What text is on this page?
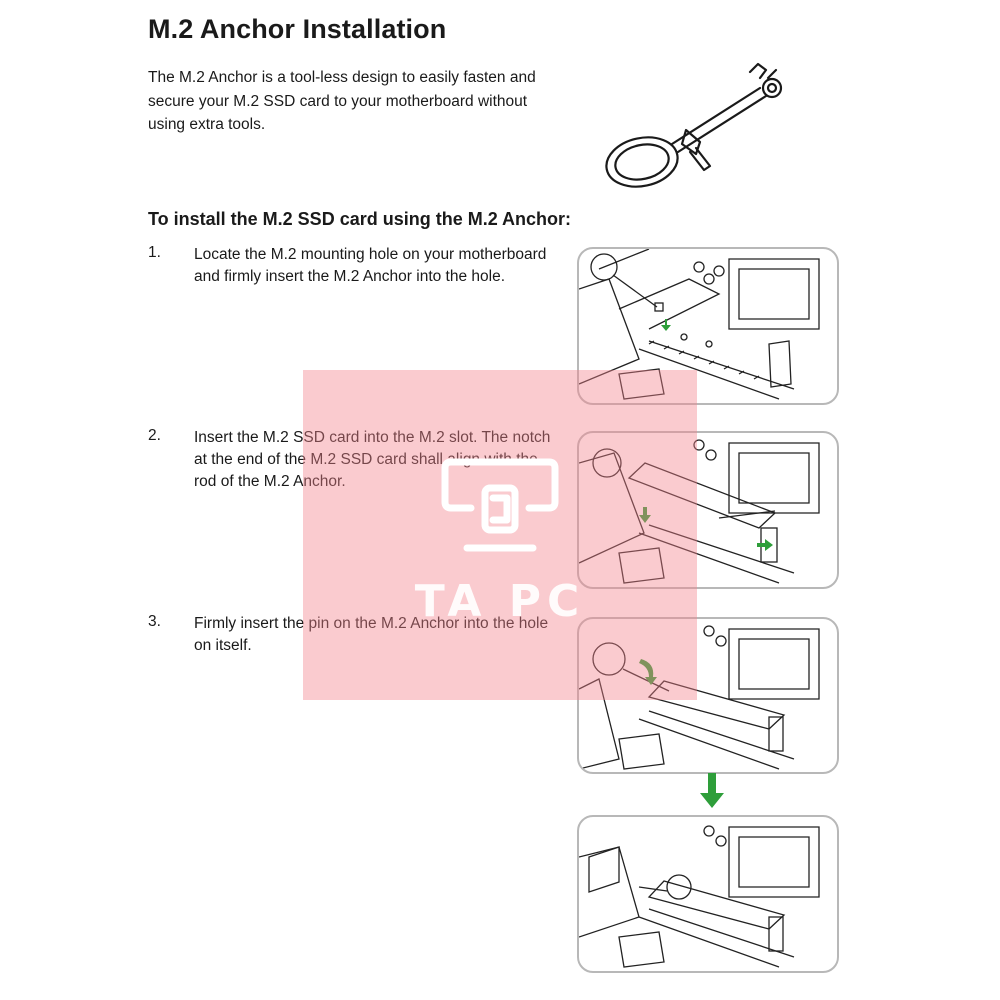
M.2 Anchor Installation
The M.2 Anchor is a tool-less design to easily fasten and secure your M.2 SSD card to your motherboard without using extra tools.
To install the M.2 SSD card using the M.2 Anchor:
1. Locate the M.2 mounting hole on your motherboard and firmly insert the M.2 Anchor into the hole.
2. Insert the M.2 SSD card into the M.2 slot. The notch at the end of the M.2 SSD card shall align with the rod of the M.2 Anchor.
3. Firmly insert the pin on the M.2 Anchor into the hole on itself.
TA PC
